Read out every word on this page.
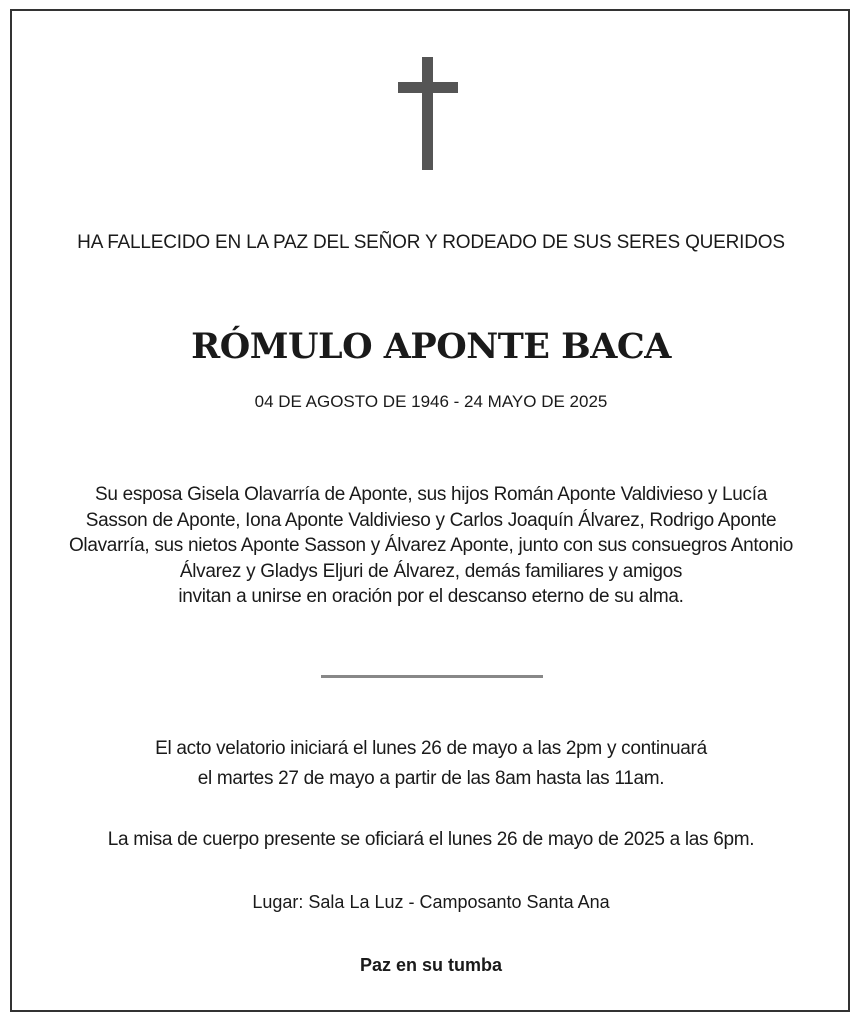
HA FALLECIDO EN LA PAZ DEL SEÑOR Y RODEADO DE SUS SERES QUERIDOS
RÓMULO APONTE BACA
04 DE AGOSTO DE 1946 - 24 MAYO DE 2025
Su esposa Gisela Olavarría de Aponte, sus hijos Román Aponte Valdivieso y Lucía
Sasson de Aponte, Iona Aponte Valdivieso y Carlos Joaquín Álvarez, Rodrigo Aponte
Olavarría, sus nietos Aponte Sasson y Álvarez Aponte, junto con sus consuegros Antonio
Álvarez y Gladys Eljuri de Álvarez, demás familiares y amigos
invitan a unirse en oración por el descanso eterno de su alma.
El acto velatorio iniciará el lunes 26 de mayo a las 2pm y continuará
el martes 27 de mayo a partir de las 8am hasta las 11am.
La misa de cuerpo presente se oficiará el lunes 26 de mayo de 2025 a las 6pm.
Lugar: Sala La Luz - Camposanto Santa Ana
Paz en su tumba
